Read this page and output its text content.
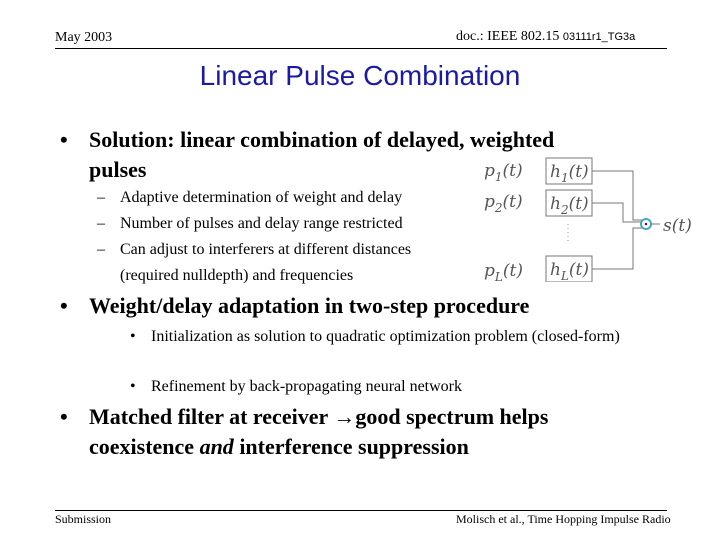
May 2003	doc.: IEEE 802.15 03111r1_TG3a
Linear Pulse Combination
• Solution: linear combination of delayed, weighted
pulses
– Adaptive determination of weight and delay
– Number of pulses and delay range restricted
– Can adjust to interferers at different distances
(required nulldepth) and frequencies
$p_1(t)$ $h_1(t)$
$p_2(t)$ $h_2(t)$
$p_L(t)$ $h_L(t)$
s(t)
• Weight/delay adaptation in two-step procedure
• Initialization as solution to quadratic optimization problem (closed-form)
• Refinement by back-propagating neural network
• Matched filter at receiver →good spectrum helps
coexistence and interference suppression
Submission	Molisch et al., Time Hopping Impulse Radio
